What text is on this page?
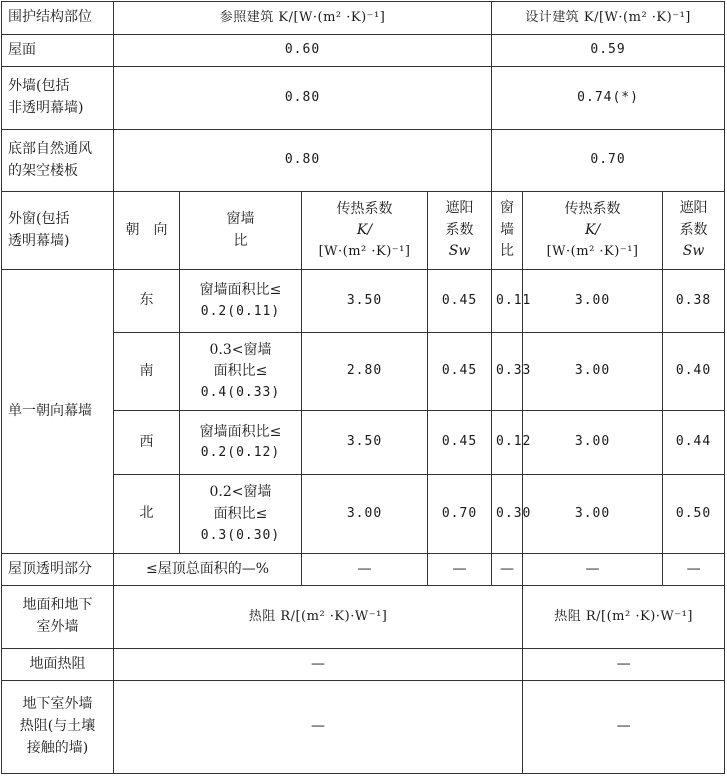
围护结构部位	参照建筑 K/[W·(m² ·K)⁻¹]				设计建筑 K/[W·(m² ·K)⁻¹]		
屋面	0.60				0.59		

外墙(包括
非透明幕墙)	0.80				0.74(*)		

底部自然通风
的架空楼板	0.80				0.70		

外窗(包括
透明幕墙)	朝　向	窗墙
比	传热系数
K/
[W·(m² ·K)⁻¹]	遮阳
系数
Sw	窗墙
比	传热系数
K/
[W·(m² ·K)⁻¹]	遮阳
系数
Sw

单一朝向幕墙	东	窗墙面积比≤
0.2(0.11)	3.50	0.45	0.11	3.00	0.38
	南	0.3<窗墙
面积比≤
0.4(0.33)	2.80	0.45	0.33	3.00	0.40
	西	窗墙面积比≤
0.2(0.12)	3.50	0.45	0.12	3.00	0.44
	北	0.2<窗墙
面积比≤
0.3(0.30)	3.00	0.70	0.30	3.00	0.50
屋顶透明部分	≤屋顶总面积的—%		—	—	—	—	—

地面和地下
室外墙	热阻 R/[(m² ·K)·W⁻¹]					热阻 R/[(m² ·K)·W⁻¹]	
地面热阻	—					—	

地下室外墙
热阻(与土壤
接触的墙)	—					—	
